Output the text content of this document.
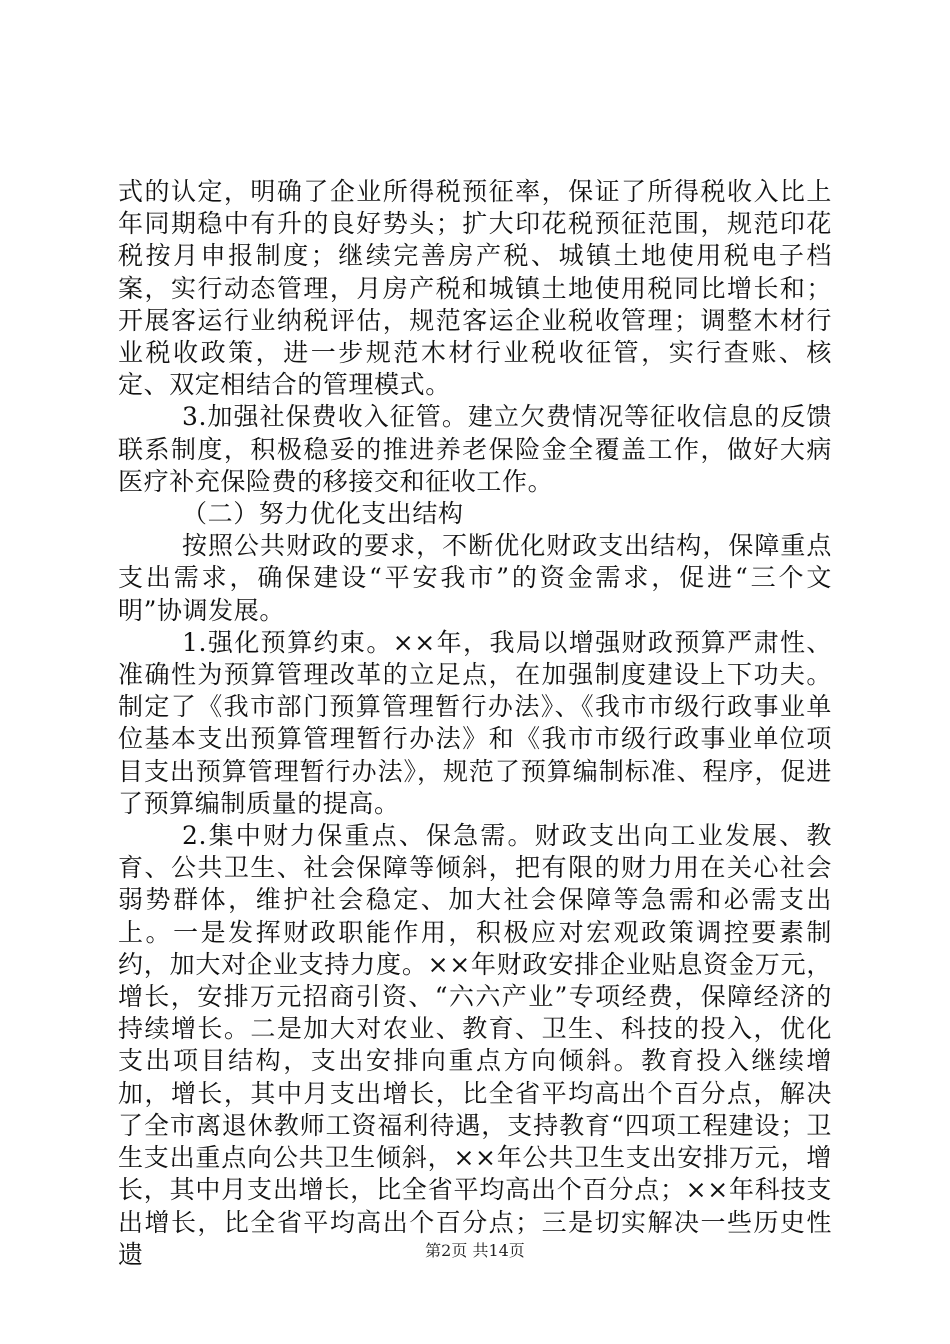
式的认定，明确了企业所得税预征率，保证了所得税收入比上年同期稳中有升的良好势头；扩大印花税预征范围，规范印花税按月申报制度；继续完善房产税、城镇土地使用税电子档案，实行动态管理，月房产税和城镇土地使用税同比增长和；开展客运行业纳税评估，规范客运企业税收管理；调整木材行业税收政策，进一步规范木材行业税收征管，实行查账、核定、双定相结合的管理模式。

3.加强社保费收入征管。建立欠费情况等征收信息的反馈联系制度，积极稳妥的推进养老保险金全覆盖工作，做好大病医疗补充保险费的移接交和征收工作。

（二）努力优化支出结构

按照公共财政的要求，不断优化财政支出结构，保障重点支出需求，确保建设“平安我市”的资金需求，促进“三个文明”协调发展。

1.强化预算约束。××年，我局以增强财政预算严肃性、准确性为预算管理改革的立足点，在加强制度建设上下功夫。制定了《我市部门预算管理暂行办法》、《我市市级行政事业单位基本支出预算管理暂行办法》和《我市市级行政事业单位项目支出预算管理暂行办法》，规范了预算编制标准、程序，促进了预算编制质量的提高。

2.集中财力保重点、保急需。财政支出向工业发展、教育、公共卫生、社会保障等倾斜，把有限的财力用在关心社会弱势群体，维护社会稳定、加大社会保障等急需和必需支出上。一是发挥财政职能作用，积极应对宏观政策调控要素制约，加大对企业支持力度。××年财政安排企业贴息资金万元，增长，安排万元招商引资、“六六产业”专项经费，保障经济的持续增长。二是加大对农业、教育、卫生、科技的投入，优化支出项目结构，支出安排向重点方向倾斜。教育投入继续增加，增长，其中月支出增长，比全省平均高出个百分点，解决了全市离退休教师工资福利待遇，支持教育“四项工程建设；卫生支出重点向公共卫生倾斜，××年公共卫生支出安排万元，增长，其中月支出增长，比全省平均高出个百分点；××年科技支出增长，比全省平均高出个百分点；三是切实解决一些历史性遗	第2页 共14页
